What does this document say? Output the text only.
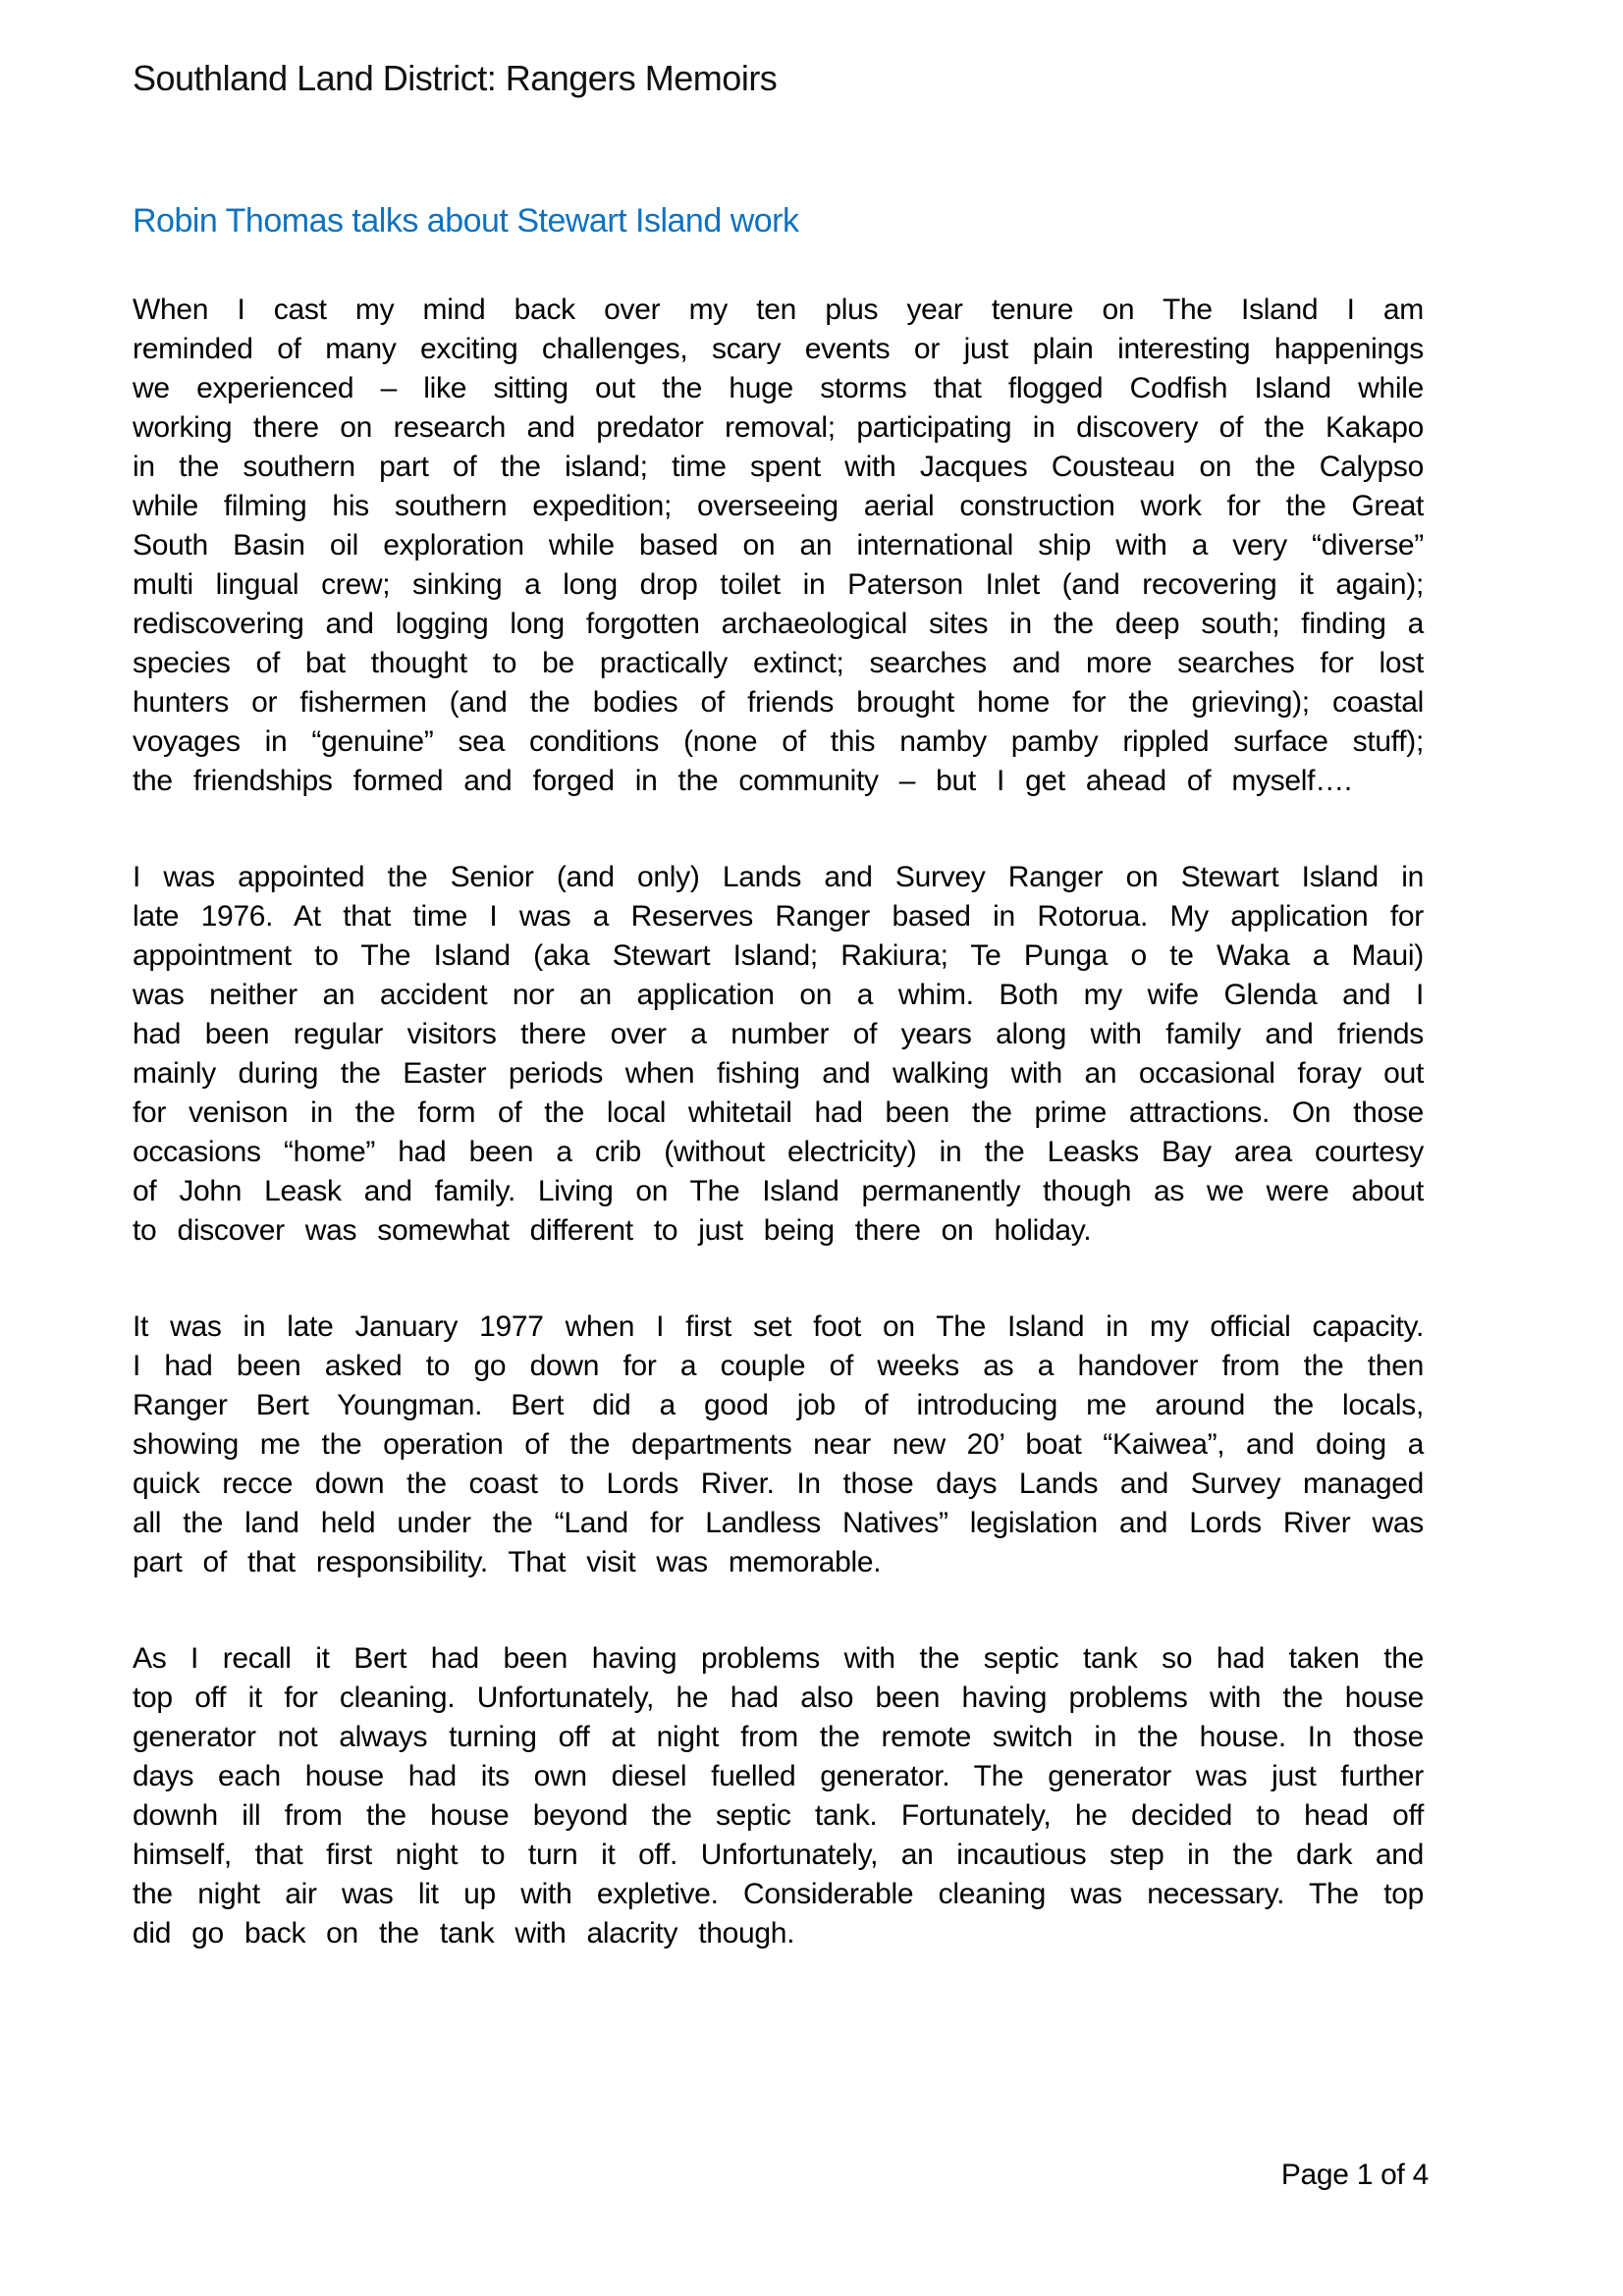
Southland Land District: Rangers Memoirs
Robin Thomas talks about Stewart Island work

When I cast my mind back over my ten plus year tenure on The Island I am reminded of many exciting challenges, scary events or just plain interesting happenings we experienced – like sitting out the huge storms that flogged Codfish Island while working there on research and predator removal; participating in discovery of the Kakapo in the southern part of the island; time spent with Jacques Cousteau on the Calypso while filming his southern expedition; overseeing aerial construction work for the Great South Basin oil exploration while based on an international ship with a very “diverse” multi lingual crew; sinking a long drop toilet in Paterson Inlet (and recovering it again); rediscovering and logging long forgotten archaeological sites in the deep south; finding a species of bat thought to be practically extinct; searches and more searches for lost hunters or fishermen (and the bodies of friends brought home for the grieving); coastal voyages in “genuine” sea conditions (none of this namby pamby rippled surface stuff); the friendships formed and forged in the community – but I get ahead of myself….

I was appointed the Senior (and only) Lands and Survey Ranger on Stewart Island in late 1976. At that time I was a Reserves Ranger based in Rotorua. My application for appointment to The Island (aka Stewart Island; Rakiura; Te Punga o te Waka a Maui) was neither an accident nor an application on a whim. Both my wife Glenda and I had been regular visitors there over a number of years along with family and friends mainly during the Easter periods when fishing and walking with an occasional foray out for venison in the form of the local whitetail had been the prime attractions. On those occasions “home” had been a crib (without electricity) in the Leasks Bay area courtesy of John Leask and family. Living on The Island permanently though as we were about to discover was somewhat different to just being there on holiday.

It was in late January 1977 when I first set foot on The Island in my official capacity. I had been asked to go down for a couple of weeks as a handover from the then Ranger Bert Youngman. Bert did a good job of introducing me around the locals, showing me the operation of the departments near new 20’ boat “Kaiwea”, and doing a quick recce down the coast to Lords River. In those days Lands and Survey managed all the land held under the “Land for Landless Natives” legislation and Lords River was part of that responsibility. That visit was memorable.

As I recall it Bert had been having problems with the septic tank so had taken the top off it for cleaning. Unfortunately, he had also been having problems with the house generator not always turning off at night from the remote switch in the house. In those days each house had its own diesel fuelled generator. The generator was just further downh ill from the house beyond the septic tank. Fortunately, he decided to head off himself, that first night to turn it off. Unfortunately, an incautious step in the dark and the night air was lit up with expletive. Considerable cleaning was necessary. The top did go back on the tank with alacrity though.

Page 1 of 4
